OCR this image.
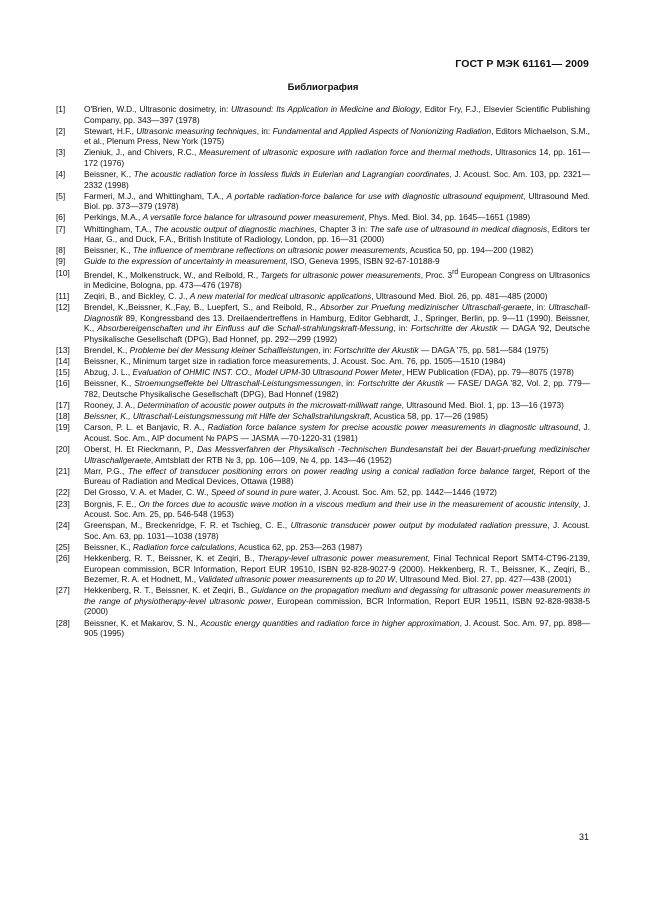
ГОСТ Р МЭК 61161— 2009
Библиография
[1]	O'Brien, W.D., Ultrasonic dosimetry, in: Ultrasound: Its Application in Medicine and Biology, Editor Fry, F.J., Elsevier Scientific Publishing Company, pp. 343—397 (1978)
[2]	Stewart, H.F., Ultrasonic measuring techniques, in: Fundamental and Applied Aspects of Nonionizing Radiation, Editors Michaelson, S.M., et al., Plenum Press, New York (1975)
[3]	Zieniuk, J., and Chivers, R.C., Measurement of ultrasonic exposure with radiation force and thermal methods, Ultrasonics 14, pp. 161—172 (1976)
[4]	Beissner, K., The acoustic radiation force in lossless fluids in Eulerian and Lagrangian coordinates, J. Acoust. Soc. Am. 103, pp. 2321—2332 (1998)
[5]	Farmeri, M.J., and Whittingham, T.A., A portable radiation-force balance for use with diagnostic ultrasound equipment, Ultrasound Med. Biol. pp. 373—379 (1978)
[6]	Perkings, M.A., A versatile force balance for ultrasound power measurement, Phys. Med. Biol. 34, pp. 1645—1651 (1989)
[7]	Whittingham, T.A., The acoustic output of diagnostic machines, Chapter 3 in: The safe use of ultrasound in medical diagnosis, Editors ter Haar, G., and Duck, F.A., British Institute of Radiology, London, pp. 16—31 (2000)
[8]	Beissner, K., The influence of membrane reflections on ultrasonic power measurements, Acustica 50, pp. 194—200 (1982)
[9]	Guide to the expression of uncertainty in measurement, ISO, Geneva 1995, ISBN 92-67-10188-9
[10]	Brendel, K., Molkenstruck, W., and Reibold, R., Targets for ultrasonic power measurements, Proc. 3rd European Congress on Ultrasonics in Medicine, Bologna, pp. 473—476 (1978)
[11]	Zeqiri, B., and Bickley, C. J., A new material for medical ultrasonic applications, Ultrasound Med. Biol. 26, pp. 481—485 (2000)
[12]	Brendel, K.,Beissner, K.,Fay, B., Luepfert, S., and Reibold, R., Absorber zur Pruefung medizinischer Ultraschall-geraete, in: Ultraschall-Diagnostik 89, Kongressband des 13. Dreilaendertreffens in Hamburg, Editor Gebhardt, J., Springer, Berlin, pp. 9—11 (1990). Beissner, K., Absorbereigenschaften und ihr Einfluss auf die Schall-strahlungskraft-Messung, in: Fortschritte der Akustik — DAGA '92, Deutsche Physikalische Gesellschaft (DPG), Bad Honnef, pp. 292—299 (1992)
[13]	Brendel, K., Probleme bei der Messung kleiner Schallleistungen, in: Fortschritte der Akustik — DAGA '75, pp. 581—584 (1975)
[14]	Beissner, K., Minimum target size in radiation force measurements, J. Acoust. Soc. Am. 76, pp. 1505—1510 (1984)
[15]	Abzug, J. L., Evaluation of OHMIC INST. CO., Model UPM-30 Ultrasound Power Meter, HEW Publication (FDA), pp. 79—8075 (1978)
[16]	Beissner, K., Stroemungseffekte bei Ultraschall-Leistungsmessungen, in: Fortschritte der Akustik — FASE/ DAGA '82, Vol. 2, pp. 779—782, Deutsche Physikalische Gesellschaft (DPG), Bad Honnef (1982)
[17]	Rooney, J. A., Determination of acoustic power outputs in the microwatt-milliwatt range, Ultrasound Med. Biol. 1, pp. 13—16 (1973)
[18]	Beissner, K., Ultraschall-Leistungsmessung mit Hilfe der Schallstrahlungskraft, Acustica 58, pp. 17—26 (1985)
[19]	Carson, P. L. et Banjavic, R. A., Radiation force balance system for precise acoustic power measurements in diagnostic ultrasound, J. Acoust. Soc. Am., AIP document № PAPS — JASMA —70-1220-31 (1981)
[20]	Oberst, H. Et Rieckmann, P., Das Messverfahren der Physikalisch -Technischen Bundesanstalt bei der Bauart-pruefung medizinischer Ultraschallgeraete, Amtsblatt der RTB № 3, pp. 106—109, № 4, pp. 143—46 (1952)
[21]	Marr, P.G., The effect of transducer positioning errors on power reading using a conical radiation force balance target, Report of the Bureau of Radiation and Medical Devices, Ottawa (1988)
[22]	Del Grosso, V. A. et Mader, C. W., Speed of sound in pure water, J. Acoust. Soc. Am. 52, pp. 1442—1446 (1972)
[23]	Borgnis, F. E., On the forces due to acoustic wave motion in a viscous medium and their use in the measurement of acoustic intensity, J. Acoust. Soc. Am. 25, pp. 546-548 (1953)
[24]	Greenspan, M., Breckenridge, F. R. et Tschieg, C. E., Ultrasonic transducer power output by modulated radiation pressure, J. Acoust. Soc. Am. 63, pp. 1031—1038 (1978)
[25]	Beissner, K., Radiation force calculations, Acustica 62, pp. 253—263 (1987)
[26]	Hekkenberg, R. T., Beissner, K. et Zeqiri, B., Therapy-level ultrasonic power measurement, Final Technical Report SMT4-CT96-2139, European commission, BCR Information, Report EUR 19510, ISBN 92-828-9027-9 (2000). Hekkenberg, R. T., Beissner, K., Zeqiri, B., Bezemer, R. A. et Hodnett, M., Validated ultrasonic power measurements up to 20 W, Ultrasound Med. Biol. 27, pp. 427—438 (2001)
[27]	Hekkenberg, R. T., Beissner, K. et Zeqiri, B., Guidance on the propagation medium and degassing for ultrasonic power measurements in the range of physiotherapy-level ultrasonic power, European commission, BCR Information, Report EUR 19511, ISBN 92-828-9838-5 (2000)
[28]	Beissner, K. et Makarov, S. N., Acoustic energy quantities and radiation force in higher approximation, J. Acoust. Soc. Am. 97, pp. 898—905 (1995)
31
